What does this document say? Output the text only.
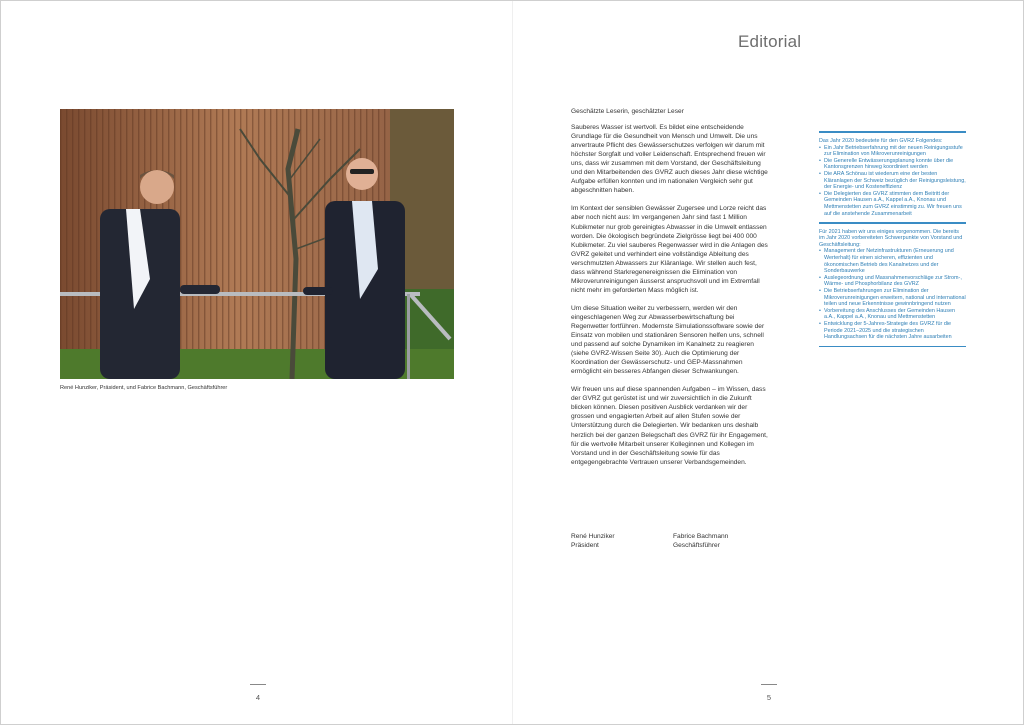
René Hunziker, Präsident, und Fabrice Bachmann, Geschäftsführer
4
Editorial

Geschätzte Leserin, geschätzter Leser

Sauberes Wasser ist wertvoll. Es bildet eine entscheidende Grundlage für die Gesundheit von Mensch und Umwelt. Die uns anvertraute Pflicht des Gewässerschutzes verfolgen wir darum mit höchster Sorgfalt und voller Leidenschaft. Entsprechend freuen wir uns, dass wir zusammen mit dem Vorstand, der Geschäftsleitung und den Mitarbeitenden des GVRZ auch dieses Jahr diese wichtige Aufgabe erfüllen konnten und im nationalen Vergleich sehr gut abgeschnitten haben.

Im Kontext der sensiblen Gewässer Zugersee und Lorze reicht das aber noch nicht aus: Im vergangenen Jahr sind fast 1 Million Kubikmeter nur grob gereinigtes Abwasser in die Umwelt entlassen worden. Die ökologisch begründete Zielgrösse liegt bei 400 000 Kubikmeter. Zu viel sauberes Regenwasser wird in die Anlagen des GVRZ geleitet und verhindert eine vollständige Ableitung des verschmutzten Abwassers zur Kläranlage. Wir stellen auch fest, dass während Starkregenereignissen die Elimination von Mikroverunreinigungen äusserst anspruchsvoll und im Extremfall nicht mehr im geforderten Mass möglich ist.

Um diese Situation weiter zu verbessern, werden wir den eingeschlagenen Weg zur Abwasserbewirtschaftung bei Regenwetter fortführen. Modernste Simulationssoftware sowie der Einsatz von mobilen und stationären Sensoren helfen uns, schnell und passend auf solche Dynamiken im Kanalnetz zu reagieren (siehe GVRZ-Wissen Seite 30). Auch die Optimierung der Koordination der Gewässerschutz- und GEP-Massnahmen ermöglicht ein besseres Abfangen dieser Schwankungen.

Wir freuen uns auf diese spannenden Aufgaben – im Wissen, dass der GVRZ gut gerüstet ist und wir zuversichtlich in die Zukunft blicken können. Diesen positiven Ausblick verdanken wir der grossen und engagierten Arbeit auf allen Stufen sowie der Unterstützung durch die Delegierten. Wir bedanken uns deshalb herzlich bei der ganzen Belegschaft des GVRZ für ihr Engagement, für die wertvolle Mitarbeit unserer Kolleginnen und Kollegen im Vorstand und in der Geschäftsleitung sowie für das entgegengebrachte Vertrauen unserer Verbandsgemeinden.

René Hunziker
Präsident
Fabrice Bachmann
Geschäftsführer
Das Jahr 2020 bedeutete für den GVRZ Folgendes:
• Ein Jahr Betriebserfahrung mit der neuen Reinigungsstufe zur Elimination von Mikroverunreinigungen
• Die Generelle Entwässerungsplanung konnte über die Kantonsgrenzen hinweg koordiniert werden
• Die ARA Schönau ist wiederum eine der besten Kläranlagen der Schweiz bezüglich der Reinigungsleistung, der Energie- und Kosteneffizienz
• Die Delegierten des GVRZ stimmten dem Beitritt der Gemeinden Hausen a.A., Kappel a.A., Knonau und Mettmenstetten zum GVRZ einstimmig zu. Wir freuen uns auf die anstehende Zusammenarbeit
Für 2021 haben wir uns einiges vorgenommen. Die bereits im Jahr 2020 vorbereiteten Schwerpunkte von Vorstand und Geschäftsleitung:
• Management der Netzinfrastrukturen (Erneuerung und Werterhalt) für einen sicheren, effizienten und ökonomischen Betrieb des Kanalnetzes und der Sonderbauwerke
• Auslegeordnung und Massnahmenvorschläge zur Strom-, Wärme- und Phosphorbilanz des GVRZ
• Die Betriebserfahrungen zur Elimination der Mikroverunreinigungen erweitern, national und international teilen und neue Erkenntnisse gewinnbringend nutzen
• Vorbereitung des Anschlusses der Gemeinden Hausen a.A., Kappel a.A., Knonau und Mettmenstetten
• Entwicklung der 5-Jahres-Strategie des GVRZ für die Periode 2021–2025 und die strategischen Handlungsachsen für die nächsten Jahre ausarbeiten
5
